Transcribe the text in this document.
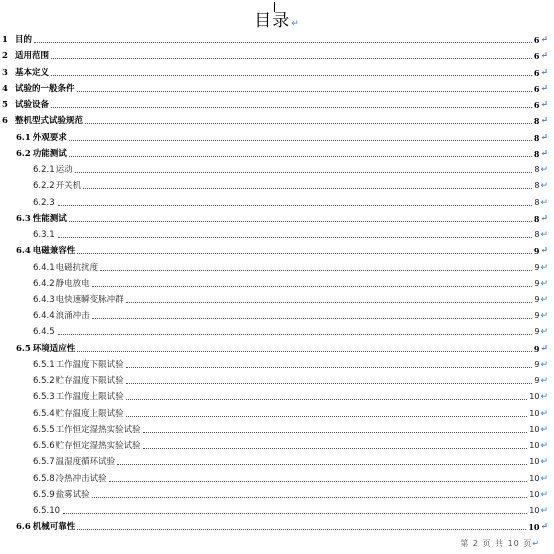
目录↵
1 目的	6 ↵
2 适用范围	6 ↵
3 基本定义	6 ↵
4 试验的一般条件	6 ↵
5 试验设备	6 ↵
6 整机型式试验规范	8 ↵
6.1 外观要求	8 ↵
6.2 功能测试	8 ↵
6.2.1 运动	8 ↵
6.2.2 开关机	8 ↵
6.2.3	8 ↵
6.3 性能测试	8 ↵
6.3.1	8 ↵
6.4 电磁兼容性	9 ↵
6.4.1 电磁抗扰度	9 ↵
6.4.2 静电放电	9 ↵
6.4.3 电快速瞬变脉冲群	9 ↵
6.4.4 浪涌冲击	9 ↵
6.4.5	9 ↵
6.5 环境适应性	9 ↵
6.5.1 工作温度下限试验	9 ↵
6.5.2 贮存温度下限试验	9 ↵
6.5.3 工作温度上限试验	10 ↵
6.5.4 贮存温度上限试验	10 ↵
6.5.5 工作恒定湿热实验试验	10 ↵
6.5.6 贮存恒定湿热实验试验	10 ↵
6.5.7 温湿度循环试验	10 ↵
6.5.8 冷热冲击试验	10 ↵
6.5.9 盐雾试验	10 ↵
6.5.10	10 ↵
6.6 机械可靠性	10 ↵
第 2 页 共 10 页↵
